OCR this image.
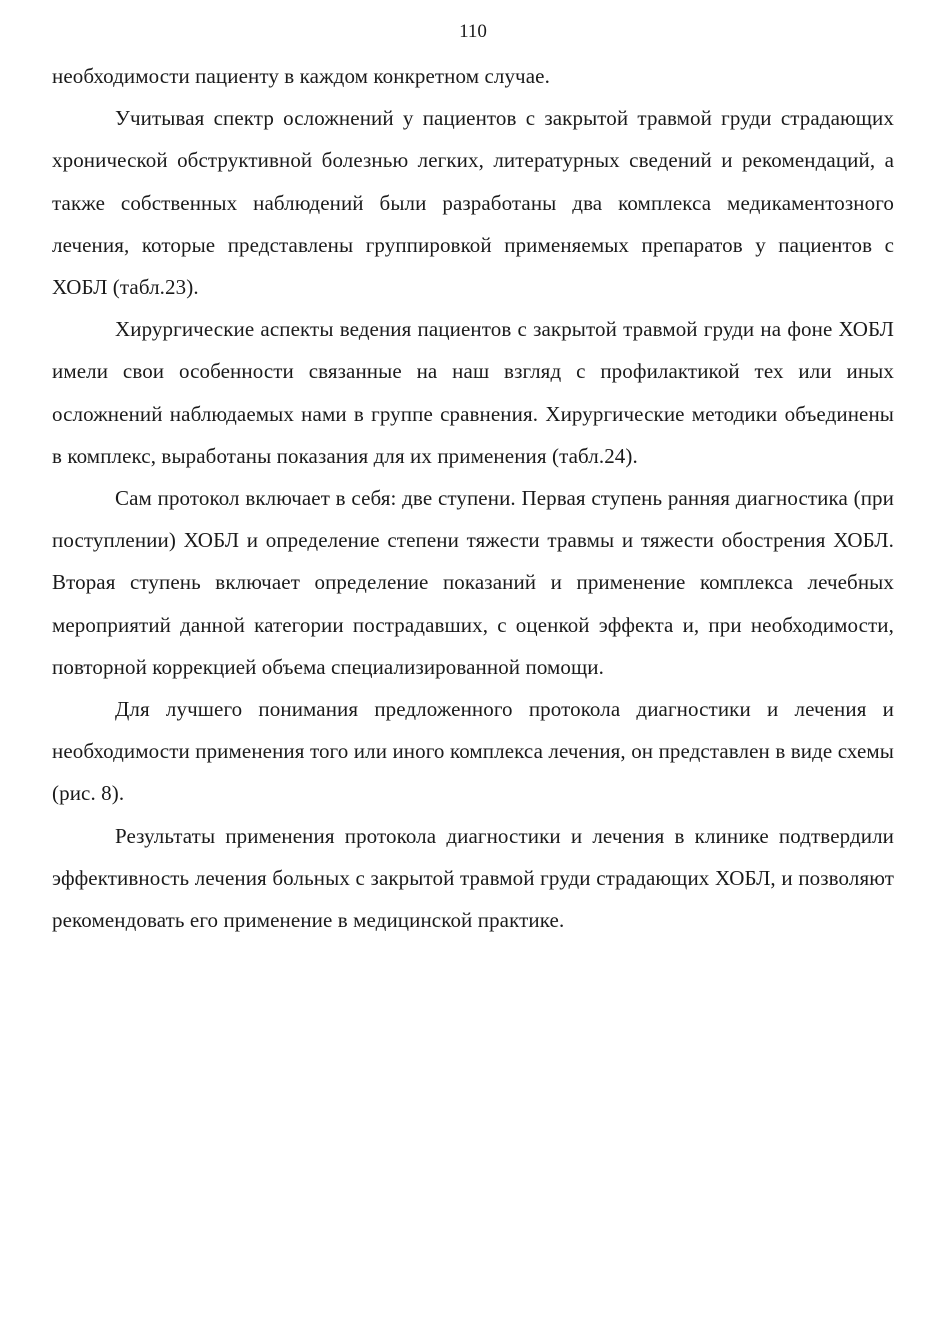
110

необходимости пациенту в каждом конкретном случае.

Учитывая спектр осложнений у пациентов с закрытой травмой груди страдающих хронической обструктивной болезнью легких, литературных сведений и рекомендаций, а также собственных наблюдений были разработаны два комплекса медикаментозного лечения, которые представлены группировкой применяемых препаратов у пациентов с ХОБЛ (табл.23).

Хирургические аспекты ведения пациентов с закрытой травмой груди на фоне ХОБЛ имели свои особенности связанные на наш взгляд с профилактикой тех или иных осложнений наблюдаемых нами в группе сравнения. Хирургические методики объединены в комплекс, выработаны показания для их применения (табл.24).

Сам протокол включает в себя: две ступени. Первая ступень ранняя диагностика (при поступлении) ХОБЛ и определение степени тяжести травмы и тяжести обострения ХОБЛ. Вторая ступень включает определение показаний и применение комплекса лечебных мероприятий данной категории пострадавших, с оценкой эффекта и, при необходимости, повторной коррекцией объема специализированной помощи.

Для лучшего понимания предложенного протокола диагностики и лечения и необходимости применения того или иного комплекса лечения, он представлен в виде схемы (рис. 8).

Результаты применения протокола диагностики и лечения в клинике подтвердили эффективность лечения больных с закрытой травмой груди страдающих ХОБЛ, и позволяют рекомендовать его применение в медицинской практике.
